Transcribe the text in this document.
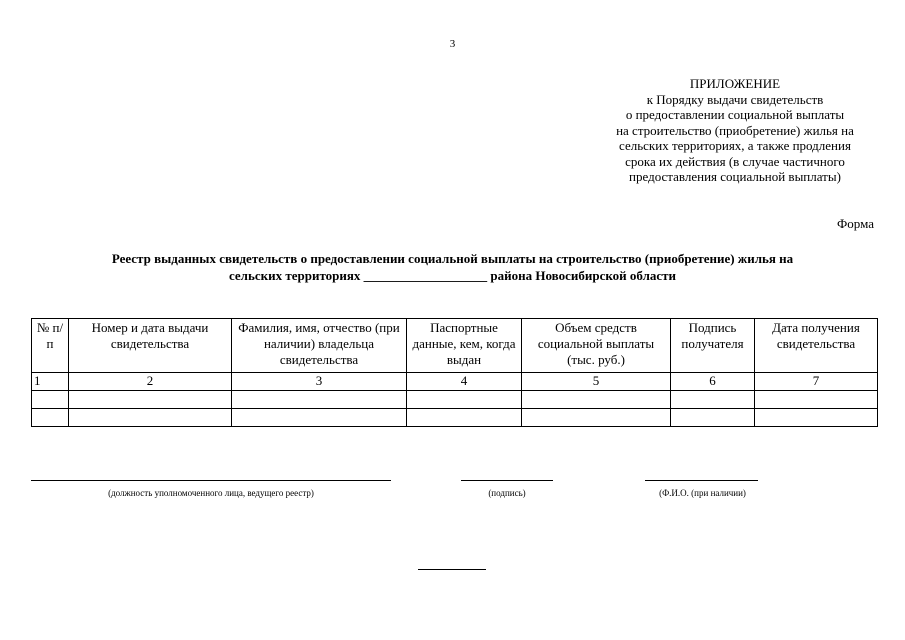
3
ПРИЛОЖЕНИЕ
к Порядку выдачи свидетельств
о предоставлении социальной выплаты
на строительство (приобретение) жилья на
сельских территориях, а также продления
срока их действия (в случае частичного
предоставления социальной выплаты)
Форма
Реестр выданных свидетельств о предоставлении социальной выплаты на строительство (приобретение) жилья на
сельских территориях ___________________ района Новосибирской области
№ п/п	Номер и дата выдачи свидетельства	Фамилия, имя, отчество (при наличии) владельца свидетельства	Паспортные данные, кем, когда выдан	Объем средств социальной выплаты (тыс. руб.)	Подпись получателя	Дата получения свидетельства
1	2	3	4	5	6	7

(должность уполномоченного лица, ведущего реестр)	(подпись)	(Ф.И.О. (при наличии)
